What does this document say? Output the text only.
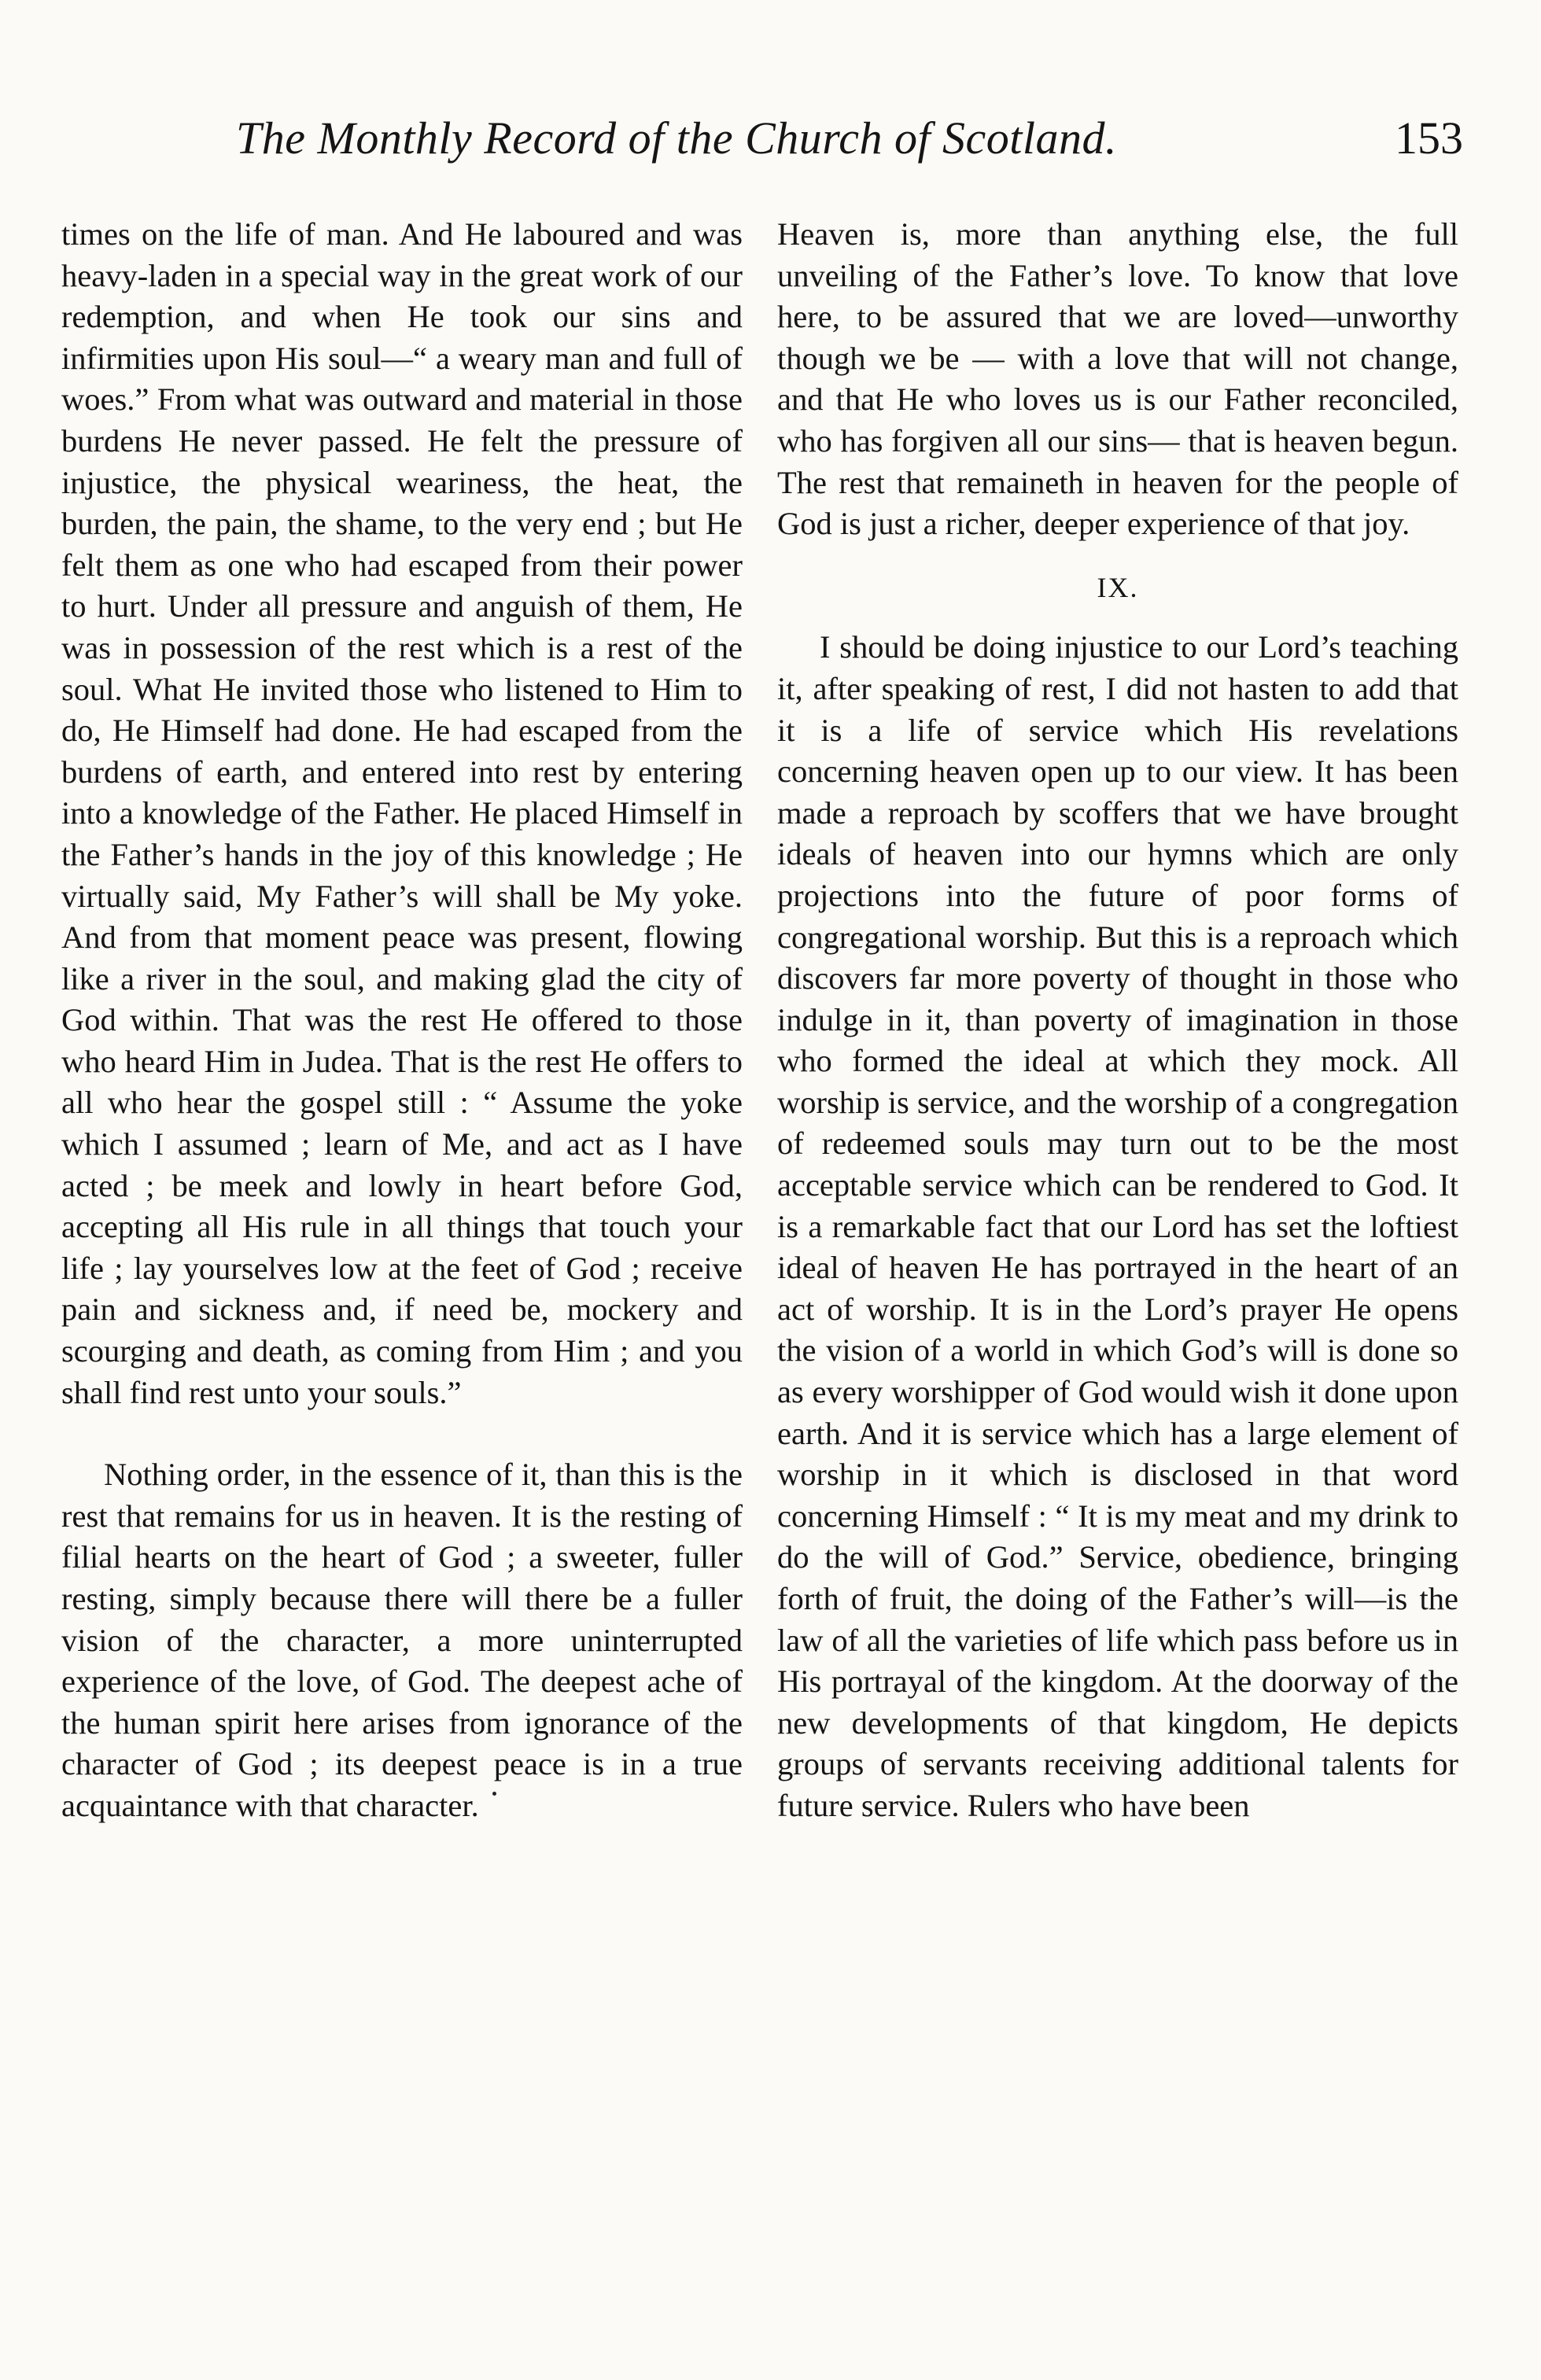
The Monthly Record of the Church of Scotland.	153

times on the life of man. And He laboured and was heavy-laden in a special way in the great work of our redemption, and when He took our sins and infirmities upon His soul—“ a weary man and full of woes.” From what was outward and material in those burdens He never passed. He felt the pressure of injustice, the physical weariness, the heat, the burden, the pain, the shame, to the very end ; but He felt them as one who had escaped from their power to hurt. Under all pressure and anguish of them, He was in possession of the rest which is a rest of the soul. What He invited those who listened to Him to do, He Himself had done. He had escaped from the burdens of earth, and entered into rest by entering into a knowledge of the Father. He placed Himself in the Father’s hands in the joy of this knowledge ; He virtually said, My Father’s will shall be My yoke. And from that moment peace was present, flowing like a river in the soul, and making glad the city of God within. That was the rest He offered to those who heard Him in Judea. That is the rest He offers to all who hear the gospel still : “ Assume the yoke which I assumed ; learn of Me, and act as I have acted ; be meek and lowly in heart before God, accepting all His rule in all things that touch your life ; lay yourselves low at the feet of God ; receive pain and sickness and, if need be, mockery and scourging and death, as coming from Him ; and you shall find rest unto your souls.”

Nothing order, in the essence of it, than this is the rest that remains for us in heaven. It is the resting of filial hearts on the heart of God ; a sweeter, fuller resting, simply because there will there be a fuller vision of the character, a more uninterrupted experience of the love, of God. The deepest ache of the human spirit here arises from ignorance of the character of God ; its deepest peace is in a true acquaintance with that character.

Heaven is, more than anything else, the full unveiling of the Father’s love. To know that love here, to be assured that we are loved—unworthy though we be — with a love that will not change, and that He who loves us is our Father reconciled, who has forgiven all our sins— that is heaven begun. The rest that remaineth in heaven for the people of God is just a richer, deeper experience of that joy.

IX.

I should be doing injustice to our Lord’s teaching it, after speaking of rest, I did not hasten to add that it is a life of service which His revelations concerning heaven open up to our view. It has been made a reproach by scoffers that we have brought ideals of heaven into our hymns which are only projections into the future of poor forms of congregational worship. But this is a reproach which discovers far more poverty of thought in those who indulge in it, than poverty of imagination in those who formed the ideal at which they mock. All worship is service, and the worship of a congregation of redeemed souls may turn out to be the most acceptable service which can be rendered to God. It is a remarkable fact that our Lord has set the loftiest ideal of heaven He has portrayed in the heart of an act of worship. It is in the Lord’s prayer He opens the vision of a world in which God’s will is done so as every worshipper of God would wish it done upon earth. And it is service which has a large element of worship in it which is disclosed in that word concerning Himself : “ It is my meat and my drink to do the will of God.” Service, obedience, bringing forth of fruit, the doing of the Father’s will—is the law of all the varieties of life which pass before us in His portrayal of the kingdom. At the doorway of the new developments of that kingdom, He depicts groups of servants receiving additional talents for future service. Rulers who have been
